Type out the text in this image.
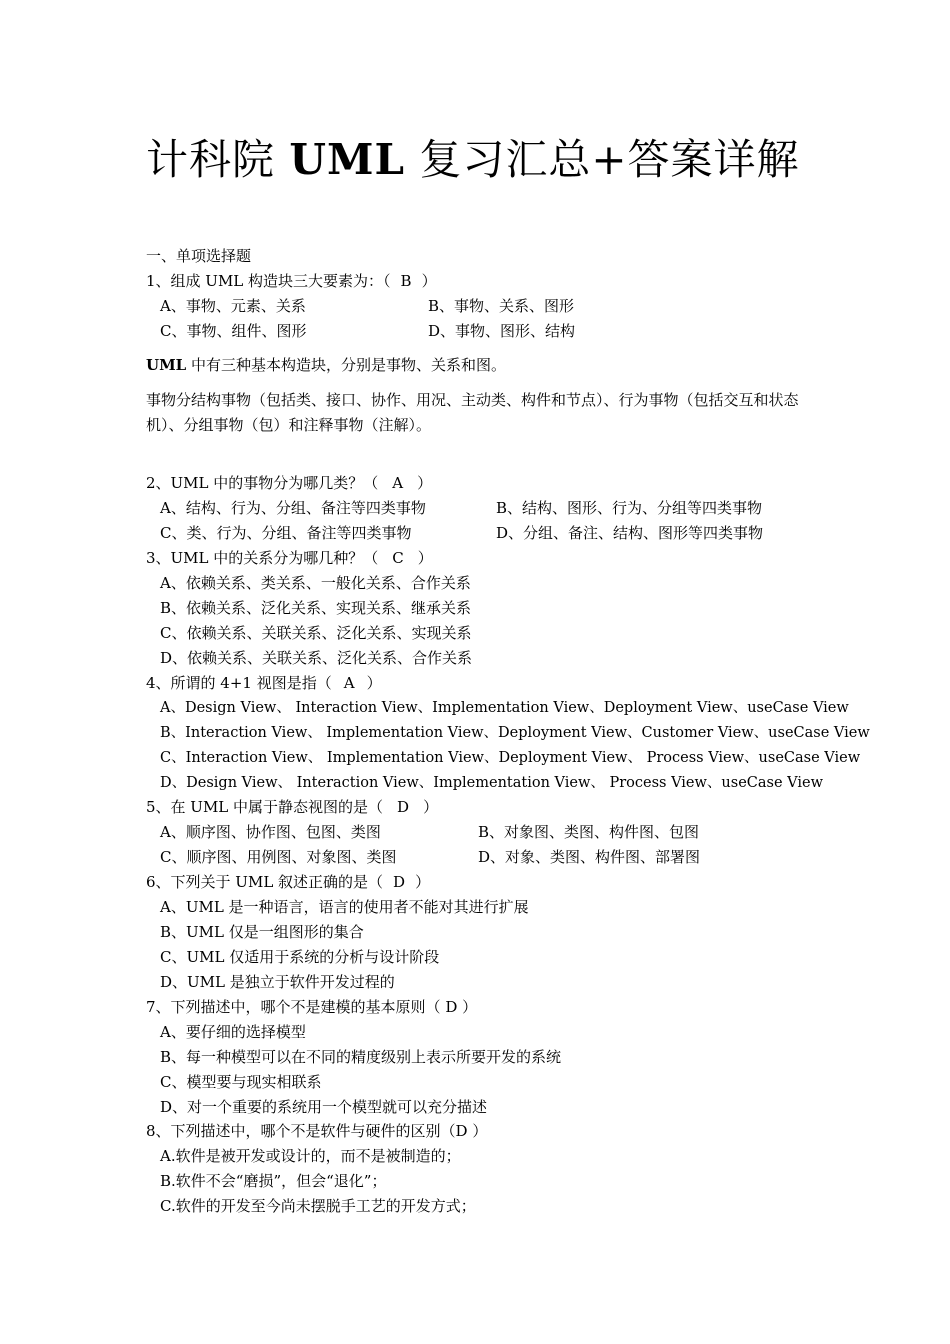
计科院 UML 复习汇总+答案详解
一、单项选择题
1、组成 UML 构造块三大要素为：（ B ）
A、事物、元素、关系	B、事物、关系、图形
C、事物、组件、图形	D、事物、图形、结构
UML 中有三种基本构造块，分别是事物、关系和图。
事物分结构事物（包括类、接口、协作、用况、主动类、构件和节点）、行为事物（包括交互和状态机）、分组事物（包）和注释事物（注解）。
2、UML 中的事物分为哪几类？（ A ）
A、结构、行为、分组、备注等四类事物	B、结构、图形、行为、分组等四类事物
C、类、行为、分组、备注等四类事物	D、分组、备注、结构、图形等四类事物
3、UML 中的关系分为哪几种？（ C ）
A、依赖关系、类关系、一般化关系、合作关系
B、依赖关系、泛化关系、实现关系、继承关系
C、依赖关系、关联关系、泛化关系、实现关系
D、依赖关系、关联关系、泛化关系、合作关系
4、所谓的 4+1 视图是指（ A ）
A、Design View、 Interaction View、Implementation View、Deployment View、useCase View
B、Interaction View、 Implementation View、Deployment View、Customer View、useCase View
C、Interaction View、 Implementation View、Deployment View、 Process View、useCase View
D、Design View、 Interaction View、Implementation View、 Process View、useCase View
5、在 UML 中属于静态视图的是（ D ）
A、顺序图、协作图、包图、类图	B、对象图、类图、构件图、包图
C、顺序图、用例图、对象图、类图	D、对象、类图、构件图、部署图
6、下列关于 UML 叙述正确的是（ D ）
A、UML 是一种语言，语言的使用者不能对其进行扩展
B、UML 仅是一组图形的集合
C、UML 仅适用于系统的分析与设计阶段
D、UML 是独立于软件开发过程的
7、下列描述中，哪个不是建模的基本原则（ D ）
A、要仔细的选择模型
B、每一种模型可以在不同的精度级别上表示所要开发的系统
C、模型要与现实相联系
D、对一个重要的系统用一个模型就可以充分描述
8、下列描述中，哪个不是软件与硬件的区别（D ）
A.软件是被开发或设计的，而不是被制造的；
B.软件不会“磨损”，但会“退化”；
C.软件的开发至今尚未摆脱手工艺的开发方式；
